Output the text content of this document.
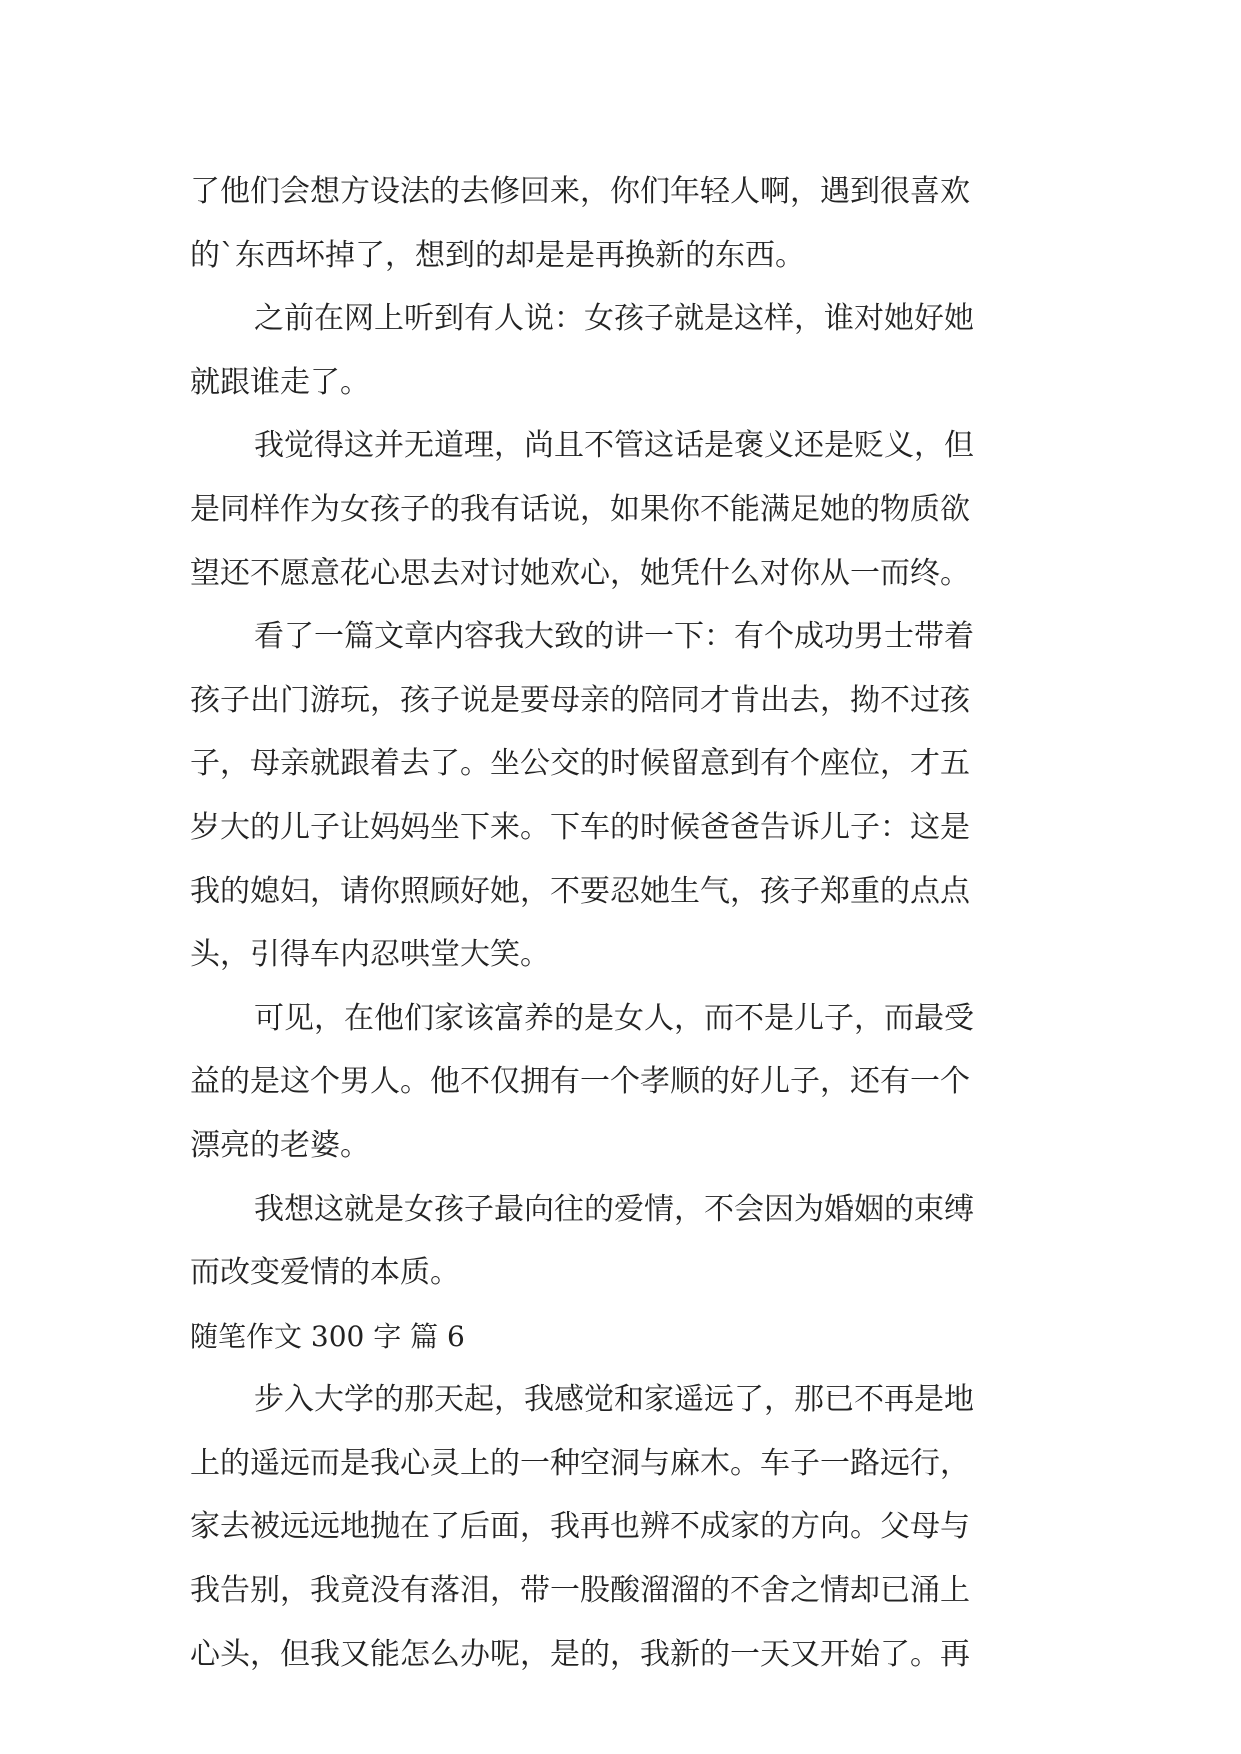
了他们会想方设法的去修回来，你们年轻人啊，遇到很喜欢
的`东西坏掉了，想到的却是是再换新的东西。
之前在网上听到有人说：女孩子就是这样，谁对她好她
就跟谁走了。
我觉得这并无道理，尚且不管这话是褒义还是贬义，但
是同样作为女孩子的我有话说，如果你不能满足她的物质欲
望还不愿意花心思去对讨她欢心，她凭什么对你从一而终。
看了一篇文章内容我大致的讲一下：有个成功男士带着
孩子出门游玩，孩子说是要母亲的陪同才肯出去，拗不过孩
子，母亲就跟着去了。坐公交的时候留意到有个座位，才五
岁大的儿子让妈妈坐下来。下车的时候爸爸告诉儿子：这是
我的媳妇，请你照顾好她，不要忍她生气，孩子郑重的点点
头，引得车内忍哄堂大笑。
可见，在他们家该富养的是女人，而不是儿子，而最受
益的是这个男人。他不仅拥有一个孝顺的好儿子，还有一个
漂亮的老婆。
我想这就是女孩子最向往的爱情，不会因为婚姻的束缚
而改变爱情的本质。
随笔作文 300 字 篇 6
步入大学的那天起，我感觉和家遥远了，那已不再是地
上的遥远而是我心灵上的一种空洞与麻木。车子一路远行，
家去被远远地抛在了后面，我再也辨不成家的方向。父母与
我告别，我竟没有落泪，带一股酸溜溜的不舍之情却已涌上
心头，但我又能怎么办呢，是的，我新的一天又开始了。再
